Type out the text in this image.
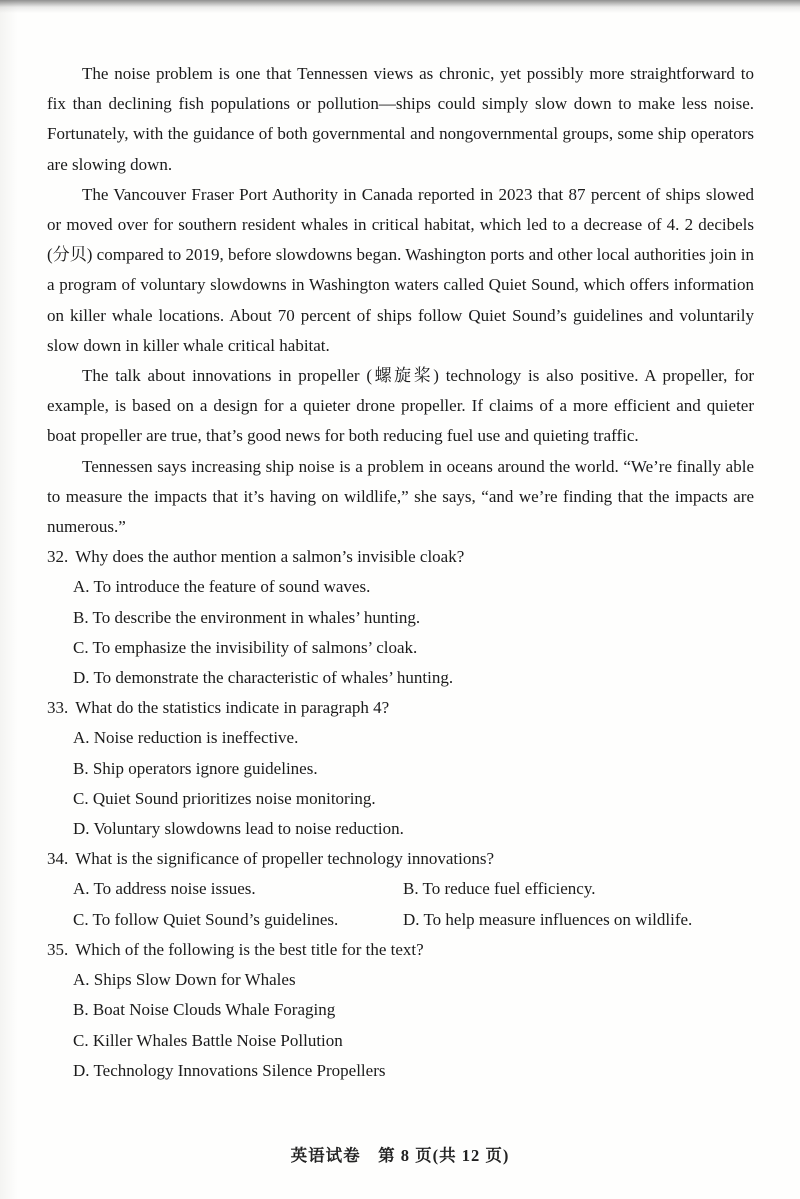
The noise problem is one that Tennessen views as chronic, yet possibly more straightforward to fix than declining fish populations or pollution—ships could simply slow down to make less noise. Fortunately, with the guidance of both governmental and nongovernmental groups, some ship operators are slowing down.

The Vancouver Fraser Port Authority in Canada reported in 2023 that 87 percent of ships slowed or moved over for southern resident whales in critical habitat, which led to a decrease of 4. 2 decibels (分贝) compared to 2019, before slowdowns began. Washington ports and other local authorities join in a program of voluntary slowdowns in Washington waters called Quiet Sound, which offers information on killer whale locations. About 70 percent of ships follow Quiet Sound’s guidelines and voluntarily slow down in killer whale critical habitat.

The talk about innovations in propeller (螺旋桨) technology is also positive. A propeller, for example, is based on a design for a quieter drone propeller. If claims of a more efficient and quieter boat propeller are true, that’s good news for both reducing fuel use and quieting traffic.

Tennessen says increasing ship noise is a problem in oceans around the world. “We’re finally able to measure the impacts that it’s having on wildlife,” she says, “and we’re finding that the impacts are numerous.”

32. Why does the author mention a salmon’s invisible cloak?
A. To introduce the feature of sound waves.
B. To describe the environment in whales’ hunting.
C. To emphasize the invisibility of salmons’ cloak.
D. To demonstrate the characteristic of whales’ hunting.
33. What do the statistics indicate in paragraph 4?
A. Noise reduction is ineffective.
B. Ship operators ignore guidelines.
C. Quiet Sound prioritizes noise monitoring.
D. Voluntary slowdowns lead to noise reduction.
34. What is the significance of propeller technology innovations?
A. To address noise issues.	B. To reduce fuel efficiency.
C. To follow Quiet Sound’s guidelines.	D. To help measure influences on wildlife.
35. Which of the following is the best title for the text?
A. Ships Slow Down for Whales
B. Boat Noise Clouds Whale Foraging
C. Killer Whales Battle Noise Pollution
D. Technology Innovations Silence Propellers
英语试卷　第 8 页(共 12 页)
